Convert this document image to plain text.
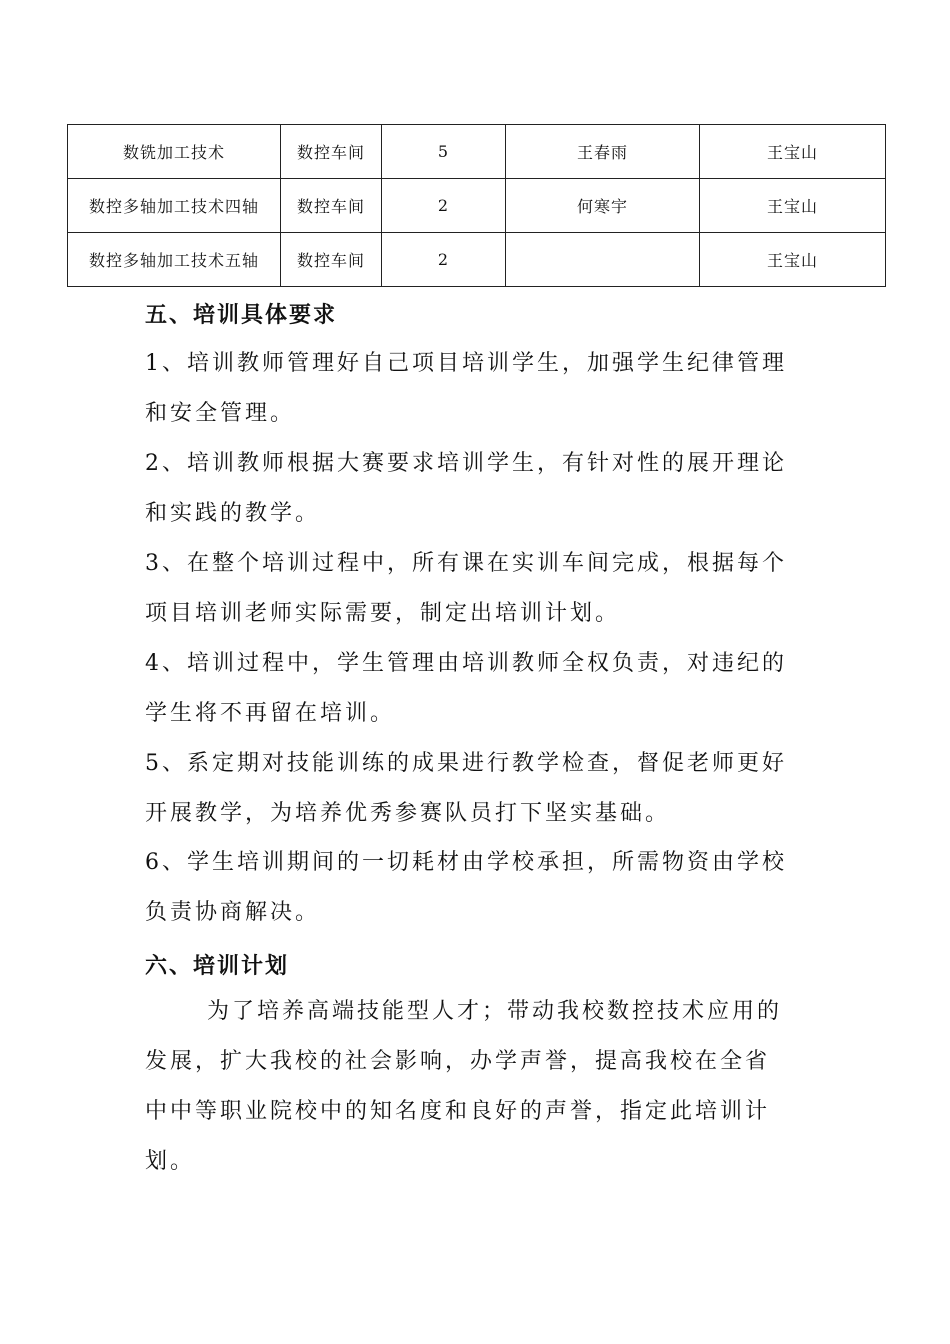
数铣加工技术	数控车间	5	王春雨	王宝山
数控多轴加工技术四轴	数控车间	2	何寒宇	王宝山
数控多轴加工技术五轴	数控车间	2		王宝山
五、培训具体要求
1、培训教师管理好自己项目培训学生，加强学生纪律管理
和安全管理。
2、培训教师根据大赛要求培训学生，有针对性的展开理论
和实践的教学。
3、在整个培训过程中，所有课在实训车间完成，根据每个
项目培训老师实际需要，制定出培训计划。
4、培训过程中，学生管理由培训教师全权负责，对违纪的
学生将不再留在培训。
5、系定期对技能训练的成果进行教学检查，督促老师更好
开展教学，为培养优秀参赛队员打下坚实基础。
6、学生培训期间的一切耗材由学校承担，所需物资由学校
负责协商解决。
六、培训计划
为了培养高端技能型人才；带动我校数控技术应用的
发展，扩大我校的社会影响，办学声誉，提高我校在全省
中中等职业院校中的知名度和良好的声誉，指定此培训计
划。
